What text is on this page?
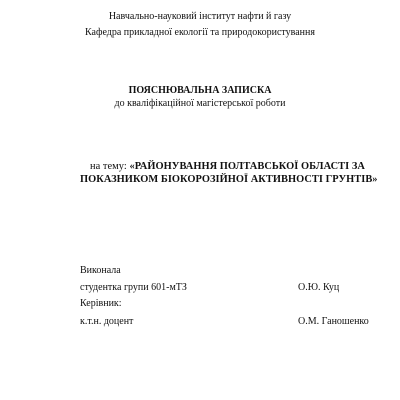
Навчально-науковий інститут нафти й газу
Кафедра прикладної екології та природокористування
ПОЯСНЮВАЛЬНА ЗАПИСКА
до кваліфікаційної магістерської роботи
на тему: «РАЙОНУВАННЯ ПОЛТАВСЬКОЇ ОБЛАСТІ ЗА
ПОКАЗНИКОМ БІОКОРОЗІЙНОЇ АКТИВНОСТІ ГРУНТІВ»
Виконала
студентка групи 601-мТЗ	О.Ю. Куц
Керівник:
к.т.н. доцент	О.М. Ганошенко
